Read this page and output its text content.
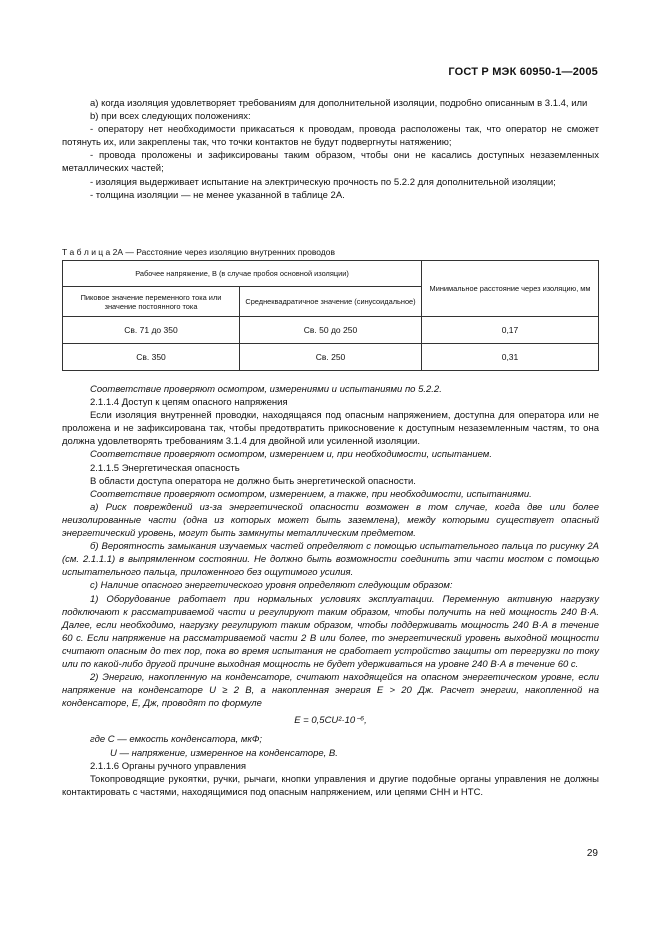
ГОСТ Р МЭК 60950-1—2005

а) когда изоляция удовлетворяет требованиям для дополнительной изоляции, подробно описанным в 3.1.4, или

b) при всех следующих положениях:

- оператору нет необходимости прикасаться к проводам, провода расположены так, что оператор не сможет потянуть их, или закреплены так, что точки контактов не будут подвергнуты натяжению;

- провода проложены и зафиксированы таким образом, чтобы они не касались доступных незаземленных металлических частей;

- изоляция выдерживает испытание на электрическую прочность по 5.2.2 для дополнительной изоляции;

- толщина изоляции — не менее указанной в таблице 2А.

Т а б л и ц а 2А — Расстояние через изоляцию внутренних проводов
Рабочее напряжение, В (в случае пробоя основной изоляции)		Минимальное расстояние через изоляцию, мм
Пиковое значение переменного тока или значение постоянного тока	Среднеквадратичное значение (синусоидальное)	
Св. 71 до 350	Св. 50 до 250	0,17
Св. 350	Св. 250	0,31

Соответствие проверяют осмотром, измерениями и испытаниями по 5.2.2.

2.1.1.4 Доступ к цепям опасного напряжения

Если изоляция внутренней проводки, находящаяся под опасным напряжением, доступна для оператора или не проложена и не зафиксирована так, чтобы предотвратить прикосновение к доступным незаземленным частям, то она должна удовлетворять требованиям 3.1.4 для двойной или усиленной изоляции.

Соответствие проверяют осмотром, измерением и, при необходимости, испытанием.

2.1.1.5 Энергетическая опасность

В области доступа оператора не должно быть энергетической опасности.

Соответствие проверяют осмотром, измерением, а также, при необходимости, испытаниями.

а) Риск повреждений из-за энергетической опасности возможен в том случае, когда две или более неизолированные части (одна из которых может быть заземлена), между которыми существует опасный энергетический уровень, могут быть замкнуты металлическим предметом.

б) Вероятность замыкания изучаемых частей определяют с помощью испытательного пальца по рисунку 2А (см. 2.1.1.1) в выпрямленном состоянии. Не должно быть возможности соединить эти части мостом с помощью испытательного пальца, приложенного без ощутимого усилия.

с) Наличие опасного энергетического уровня определяют следующим образом:

1) Оборудование работает при нормальных условиях эксплуатации. Переменную активную нагрузку подключают к рассматриваемой части и регулируют таким образом, чтобы получить на ней мощность 240 В·А. Далее, если необходимо, нагрузку регулируют таким образом, чтобы поддерживать мощность 240 В·А в течение 60 с. Если напряжение на рассматриваемой части 2 В или более, то энергетический уровень выходной мощности считают опасным до тех пор, пока во время испытания не сработает устройство защиты от перегрузки по току или по какой-либо другой причине выходная мощность не будет удерживаться на уровне 240 В·А в течение 60 с.

2) Энергию, накопленную на конденсаторе, считают находящейся на опасном энергетическом уровне, если напряжение на конденсаторе U ≥ 2 В, а накопленная энергия Е > 20 Дж. Расчет энергии, накопленной на конденсаторе, Е, Дж, проводят по формуле

E = 0,5CU²·10⁻⁶,

где С — емкость конденсатора, мкФ;

U — напряжение, измеренное на конденсаторе, В.

2.1.1.6 Органы ручного управления

Токопроводящие рукоятки, ручки, рычаги, кнопки управления и другие подобные органы управления не должны контактировать с частями, находящимися под опасным напряжением, или цепями СНН и НТС.

29
